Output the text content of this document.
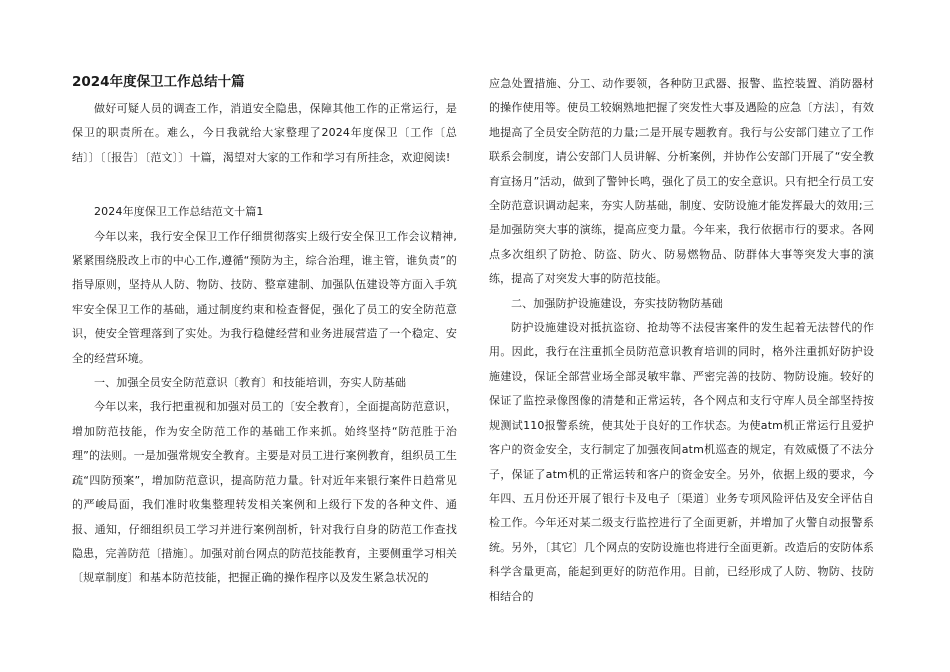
2024年度保卫工作总结十篇

做好可疑人员的调查工作，消逍安全隐患，保障其他工作的正常运行，是保卫的职责所在。难么，今日我就给大家整理了2024年度保卫〔工作〔总结〕〕〔〔报告〕〔范文〕〕十篇，渴望对大家的工作和学习有所挂念，欢迎阅读!

2024年度保卫工作总结范文十篇1

今年以来，我行安全保卫工作仔细贯彻落实上级行安全保卫工作会议精神,紧紧围绕股改上市的中心工作,遵循“预防为主，综合治理，谁主管，谁负责”的指导原则，坚持从人防、物防、技防、整章建制、加强队伍建设等方面入手筑牢安全保卫工作的基础，通过制度约束和检查督促，强化了员工的安全防范意识，使安全管理落到了实处。为我行稳健经营和业务进展营造了一个稳定、安全的经营环境。

一、加强全员安全防范意识〔教育〕和技能培训，夯实人防基础

今年以来，我行把重视和加强对员工的〔安全教育〕，全面提高防范意识，增加防范技能，作为安全防范工作的基础工作来抓。始终坚持“防范胜于治理”的法则。一是加强常规安全教育。主要是对员工进行案例教育，组织员工生疏“四防预案”，增加防范意识，提高防范力量。针对近年来银行案件日趋常见的严峻局面，我们准时收集整理转发相关案例和上级行下发的各种文件、通报、通知，仔细组织员工学习并进行案例剖析，针对我行自身的防范工作查找隐患，完善防范〔措施〕。加强对前台网点的防范技能教育，主要侧重学习相关〔规章制度〕和基本防范技能，把握正确的操作程序以及发生紧急状况的

应急处置措施、分工、动作要领，各种防卫武器、报警、监控装置、消防器材的操作使用等。使员工较娴熟地把握了突发性大事及遇险的应急〔方法〕，有效地提高了全员安全防范的力量;二是开展专题教育。我行与公安部门建立了工作联系会制度，请公安部门人员讲解、分析案例，并协作公安部门开展了“安全教育宣扬月”活动，做到了警钟长鸣，强化了员工的安全意识。只有把全行员工安全防范意识调动起来，夯实人防基础，制度、安防设施才能发挥最大的效用;三是加强防突大事的演练，提高应变力量。今年来，我行依据市行的要求。各网点多次组织了防抢、防盗、防火、防易燃物品、防群体大事等突发大事的演练，提高了对突发大事的防范技能。

二、加强防护设施建设，夯实技防物防基础

防护设施建设对抵抗盗窃、抢劫等不法侵害案件的发生起着无法替代的作用。因此，我行在注重抓全员防范意识教育培训的同时，格外注重抓好防护设施建设，保证全部营业场全部灵敏牢靠、严密完善的技防、物防设施。较好的保证了监控录像图像的清楚和正常运转，各个网点和支行守库人员全部坚持按规测试110报警系统，使其处于良好的工作状态。为使atm机正常运行且爱护客户的资金安全，支行制定了加强夜间atm机巡查的规定，有效威慑了不法分子，保证了atm机的正常运转和客户的资金安全。另外，依据上级的要求，今年四、五月份还开展了银行卡及电子〔渠道〕业务专项风险评估及安全评估自检工作。今年还对某二级支行监控进行了全面更新，并增加了火警自动报警系统。另外，〔其它〕几个网点的安防设施也将进行全面更新。改造后的安防体系科学含量更高，能起到更好的防范作用。目前，已经形成了人防、物防、技防相结合的
